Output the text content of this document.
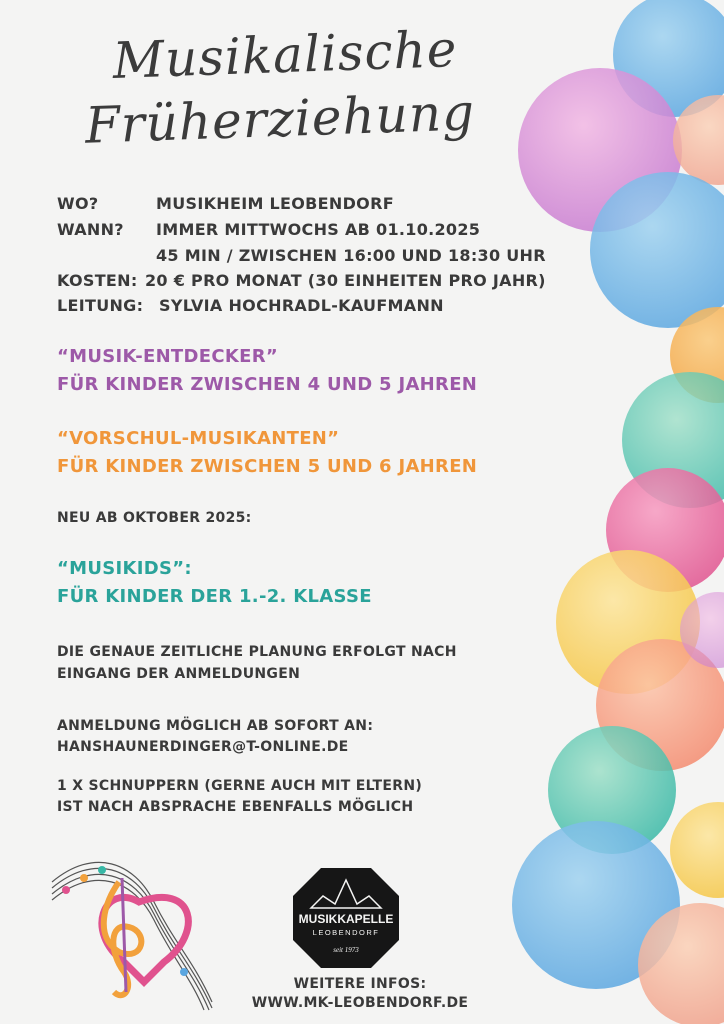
Musikalische
Früherziehung
WO?	MUSIKHEIM LEOBENDORF
WANN? IMMER MITTWOCHS AB 01.10.2025
45 MIN / ZWISCHEN 16:00 UND 18:30 UHR
KOSTEN: 20 € PRO MONAT (30 EINHEITEN PRO JAHR)
LEITUNG: SYLVIA HOCHRADL-KAUFMANN
“MUSIK-ENTDECKER”
FÜR KINDER ZWISCHEN 4 UND 5 JAHREN
“VORSCHUL-MUSIKANTEN”
FÜR KINDER ZWISCHEN 5 UND 6 JAHREN
NEU AB OKTOBER 2025:
“MUSIKIDS”:
FÜR KINDER DER 1.-2. KLASSE
DIE GENAUE ZEITLICHE PLANUNG ERFOLGT NACH
EINGANG DER ANMELDUNGEN
ANMELDUNG MÖGLICH AB SOFORT AN:
HANSHAUNERDINGER@T-ONLINE.DE
1 X SCHNUPPERN (GERNE AUCH MIT ELTERN)
IST NACH ABSPRACHE EBENFALLS MÖGLICH
MUSIKKAPELLE
LEOBENDORF
seit 1973
WEITERE INFOS:
WWW.MK-LEOBENDORF.DE
